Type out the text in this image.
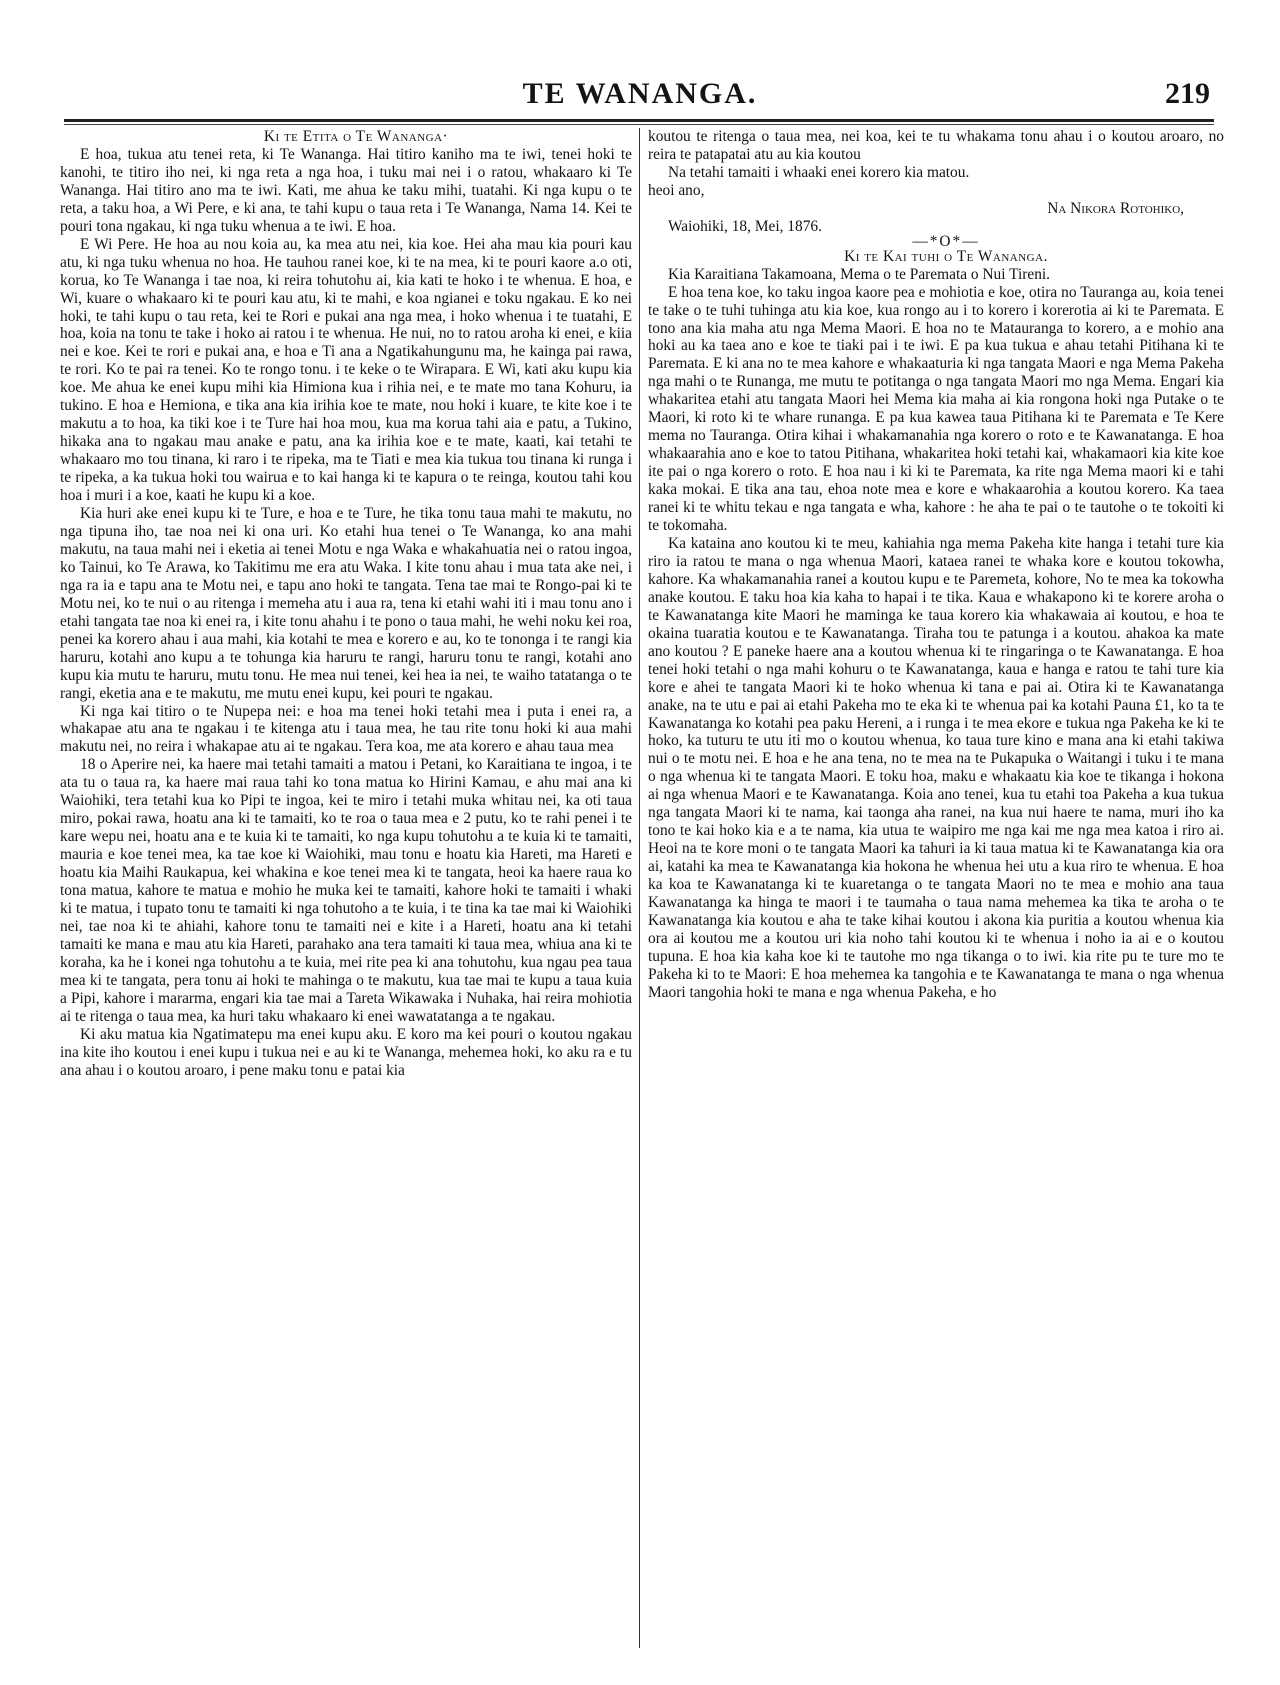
TE WANANGA.	219

Ki te Etita o Te Wananga·

E hoa, tukua atu tenei reta, ki Te Wananga. Hai titiro kaniho ma te iwi, tenei hoki te kanohi, te titiro iho nei, ki nga reta a nga hoa, i tuku mai nei i o ratou, whakaaro ki Te Wananga. Hai titiro ano ma te iwi. Kati, me ahua ke taku mihi, tuatahi. Ki nga kupu o te reta, a taku hoa, a Wi Pere, e ki ana, te tahi kupu o taua reta i Te Wananga, Nama 14. Kei te pouri tona ngakau, ki nga tuku whenua a te iwi. E hoa.

E Wi Pere. He hoa au nou koia au, ka mea atu nei, kia koe. Hei aha mau kia pouri kau atu, ki nga tuku whenua no hoa. He tauhou ranei koe, ki te na mea, ki te pouri kaore a.o oti, korua, ko Te Wananga i tae noa, ki reira tohutohu ai, kia kati te hoko i te whenua. E hoa, e Wi, kuare o whakaaro ki te pouri kau atu, ki te mahi, e koa ngianei e toku ngakau. E ko nei hoki, te tahi kupu o tau reta, kei te Rori e pukai ana nga mea, i hoko whenua i te tuatahi, E hoa, koia na tonu te take i hoko ai ratou i te whenua. He nui, no to ratou aroha ki enei, e kiia nei e koe. Kei te rori e pukai ana, e hoa e Ti ana a Ngatikahungunu ma, he kainga pai rawa, te rori. Ko te pai ra tenei. Ko te rongo tonu. i te keke o te Wirapara. E Wi, kati aku kupu kia koe. Me ahua ke enei kupu mihi kia Himiona kua i rihia nei, e te mate mo tana Kohuru, ia tukino. E hoa e Hemiona, e tika ana kia irihia koe te mate, nou hoki i kuare, te kite koe i te makutu a to hoa, ka tiki koe i te Ture hai hoa mou, kua ma korua tahi aia e patu, a Tukino, hikaka ana to ngakau mau anake e patu, ana ka irihia koe e te mate, kaati, kai tetahi te whakaaro mo tou tinana, ki raro i te ripeka, ma te Tiati e mea kia tukua tou tinana ki runga i te ripeka, a ka tukua hoki tou wairua e to kai hanga ki te kapura o te reinga, koutou tahi kou hoa i muri i a koe, kaati he kupu ki a koe.

Kia huri ake enei kupu ki te Ture, e hoa e te Ture, he tika tonu taua mahi te makutu, no nga tipuna iho, tae noa nei ki ona uri. Ko etahi hua tenei o Te Wananga, ko ana mahi makutu, na taua mahi nei i eketia ai tenei Motu e nga Waka e whakahuatia nei o ratou ingoa, ko Tainui, ko Te Arawa, ko Takitimu me era atu Waka. I kite tonu ahau i mua tata ake nei, i nga ra ia e tapu ana te Motu nei, e tapu ano hoki te tangata. Tena tae mai te Rongo-pai ki te Motu nei, ko te nui o au ritenga i memeha atu i aua ra, tena ki etahi wahi iti i mau tonu ano i etahi tangata tae noa ki enei ra, i kite tonu ahahu i te pono o taua mahi, he wehi noku kei roa, penei ka korero ahau i aua mahi, kia kotahi te mea e korero e au, ko te tononga i te rangi kia haruru, kotahi ano kupu a te tohunga kia haruru te rangi, haruru tonu te rangi, kotahi ano kupu kia mutu te haruru, mutu tonu. He mea nui tenei, kei hea ia nei, te waiho tatatanga o te rangi, eketia ana e te makutu, me mutu enei kupu, kei pouri te ngakau.

Ki nga kai titiro o te Nupepa nei: e hoa ma tenei hoki tetahi mea i puta i enei ra, a whakapae atu ana te ngakau i te kitenga atu i taua mea, he tau rite tonu hoki ki aua mahi makutu nei, no reira i whakapae atu ai te ngakau. Tera koa, me ata korero e ahau taua mea

18 o Aperire nei, ka haere mai tetahi tamaiti a matou i Petani, ko Karaitiana te ingoa, i te ata tu o taua ra, ka haere mai raua tahi ko tona matua ko Hirini Kamau, e ahu mai ana ki Waiohiki, tera tetahi kua ko Pipi te ingoa, kei te miro i tetahi muka whitau nei, ka oti taua miro, pokai rawa, hoatu ana ki te tamaiti, ko te roa o taua mea e 2 putu, ko te rahi penei i te kare wepu nei, hoatu ana e te kuia ki te tamaiti, ko nga kupu tohutohu a te kuia ki te tamaiti, mauria e koe tenei mea, ka tae koe ki Waiohiki, mau tonu e hoatu kia Hareti, ma Hareti e hoatu kia Maihi Raukapua, kei whakina e koe tenei mea ki te tangata, heoi ka haere raua ko tona matua, kahore te matua e mohio he muka kei te tamaiti, kahore hoki te tamaiti i whaki ki te matua, i tupato tonu te tamaiti ki nga tohutoho a te kuia, i te tina ka tae mai ki Waiohiki nei, tae noa ki te ahiahi, kahore tonu te tamaiti nei e kite i a Hareti, hoatu ana ki tetahi tamaiti ke mana e mau atu kia Hareti, parahako ana tera tamaiti ki taua mea, whiua ana ki te koraha, ka he i konei nga tohutohu a te kuia, mei rite pea ki ana tohutohu, kua ngau pea taua mea ki te tangata, pera tonu ai hoki te mahinga o te makutu, kua tae mai te kupu a taua kuia a Pipi, kahore i mararma, engari kia tae mai a Tareta Wikawaka i Nuhaka, hai reira mohiotia ai te ritenga o taua mea, ka huri taku whakaaro ki enei wawatatanga a te ngakau.

Ki aku matua kia Ngatimatepu ma enei kupu aku. E koro ma kei pouri o koutou ngakau ina kite iho koutou i enei kupu i tukua nei e au ki te Wananga, mehemea hoki, ko aku ra e tu ana ahau i o koutou aroaro, i pene maku tonu e patai kia

koutou te ritenga o taua mea, nei koa, kei te tu whakama tonu ahau i o koutou aroaro, no reira te patapatai atu au kia koutou

Na tetahi tamaiti i whaaki enei korero kia matou.

heoi ano,

Na Nikora Rotohiko,

Waiohiki, 18, Mei, 1876.

—*O*—

Ki te Kai tuhi o Te Wananga.

Kia Karaitiana Takamoana, Mema o te Paremata o Nui Tireni.

E hoa tena koe, ko taku ingoa kaore pea e mohiotia e koe, otira no Tauranga au, koia tenei te take o te tuhi tuhinga atu kia koe, kua rongo au i to korero i korerotia ai ki te Paremata. E tono ana kia maha atu nga Mema Maori. E hoa no te Matauranga to korero, a e mohio ana hoki au ka taea ano e koe te tiaki pai i te iwi. E pa kua tukua e ahau tetahi Pitihana ki te Paremata. E ki ana no te mea kahore e whakaaturia ki nga tangata Maori e nga Mema Pakeha nga mahi o te Runanga, me mutu te potitanga o nga tangata Maori mo nga Mema. Engari kia whakaritea etahi atu tangata Maori hei Mema kia maha ai kia rongona hoki nga Putake o te Maori, ki roto ki te whare runanga. E pa kua kawea taua Pitihana ki te Paremata e Te Kere mema no Tauranga. Otira kihai i whakamanahia nga korero o roto e te Kawanatanga. E hoa whakaarahia ano e koe to tatou Pitihana, whakaritea hoki tetahi kai, whakamaori kia kite koe ite pai o nga korero o roto. E hoa nau i ki ki te Paremata, ka rite nga Mema maori ki e tahi kaka mokai. E tika ana tau, ehoa note mea e kore e whakaarohia a koutou korero. Ka taea ranei ki te whitu tekau e nga tangata e wha, kahore : he aha te pai o te tautohe o te tokoiti ki te tokomaha.

Ka kataina ano koutou ki te meu, kahiahia nga mema Pakeha kite hanga i tetahi ture kia riro ia ratou te mana o nga whenua Maori, kataea ranei te whaka kore e koutou tokowha, kahore. Ka whakamanahia ranei a koutou kupu e te Paremeta, kohore, No te mea ka tokowha anake koutou. E taku hoa kia kaha to hapai i te tika. Kaua e whakapono ki te korere aroha o te Kawanatanga kite Maori he maminga ke taua korero kia whakawaia ai koutou, e hoa te okaina tuaratia koutou e te Kawanatanga. Tiraha tou te patunga i a koutou. ahakoa ka mate ano koutou ? E paneke haere ana a koutou whenua ki te ringaringa o te Kawanatanga. E hoa tenei hoki tetahi o nga mahi kohuru o te Kawanatanga, kaua e hanga e ratou te tahi ture kia kore e ahei te tangata Maori ki te hoko whenua ki tana e pai ai. Otira ki te Kawanatanga anake, na te utu e pai ai etahi Pakeha mo te eka ki te whenua pai ka kotahi Pauna £1, ko ta te Kawanatanga ko kotahi pea paku Hereni, a i runga i te mea ekore e tukua nga Pakeha ke ki te hoko, ka tuturu te utu iti mo o koutou whenua, ko taua ture kino e mana ana ki etahi takiwa nui o te motu nei. E hoa e he ana tena, no te mea na te Pukapuka o Waitangi i tuku i te mana o nga whenua ki te tangata Maori. E toku hoa, maku e whakaatu kia koe te tikanga i hokona ai nga whenua Maori e te Kawanatanga. Koia ano tenei, kua tu etahi toa Pakeha a kua tukua nga tangata Maori ki te nama, kai taonga aha ranei, na kua nui haere te nama, muri iho ka tono te kai hoko kia e a te nama, kia utua te waipiro me nga kai me nga mea katoa i riro ai. Heoi na te kore moni o te tangata Maori ka tahuri ia ki taua matua ki te Kawanatanga kia ora ai, katahi ka mea te Kawanatanga kia hokona he whenua hei utu a kua riro te whenua. E hoa ka koa te Kawanatanga ki te kuaretanga o te tangata Maori no te mea e mohio ana taua Kawanatanga ka hinga te maori i te taumaha o taua nama mehemea ka tika te aroha o te Kawanatanga kia koutou e aha te take kihai koutou i akona kia puritia a koutou whenua kia ora ai koutou me a koutou uri kia noho tahi koutou ki te whenua i noho ia ai e o koutou tupuna. E hoa kia kaha koe ki te tautohe mo nga tikanga o to iwi. kia rite pu te ture mo te Pakeha ki to te Maori: E hoa mehemea ka tangohia e te Kawanatanga te mana o nga whenua Maori tangohia hoki te mana e nga whenua Pakeha, e ho
